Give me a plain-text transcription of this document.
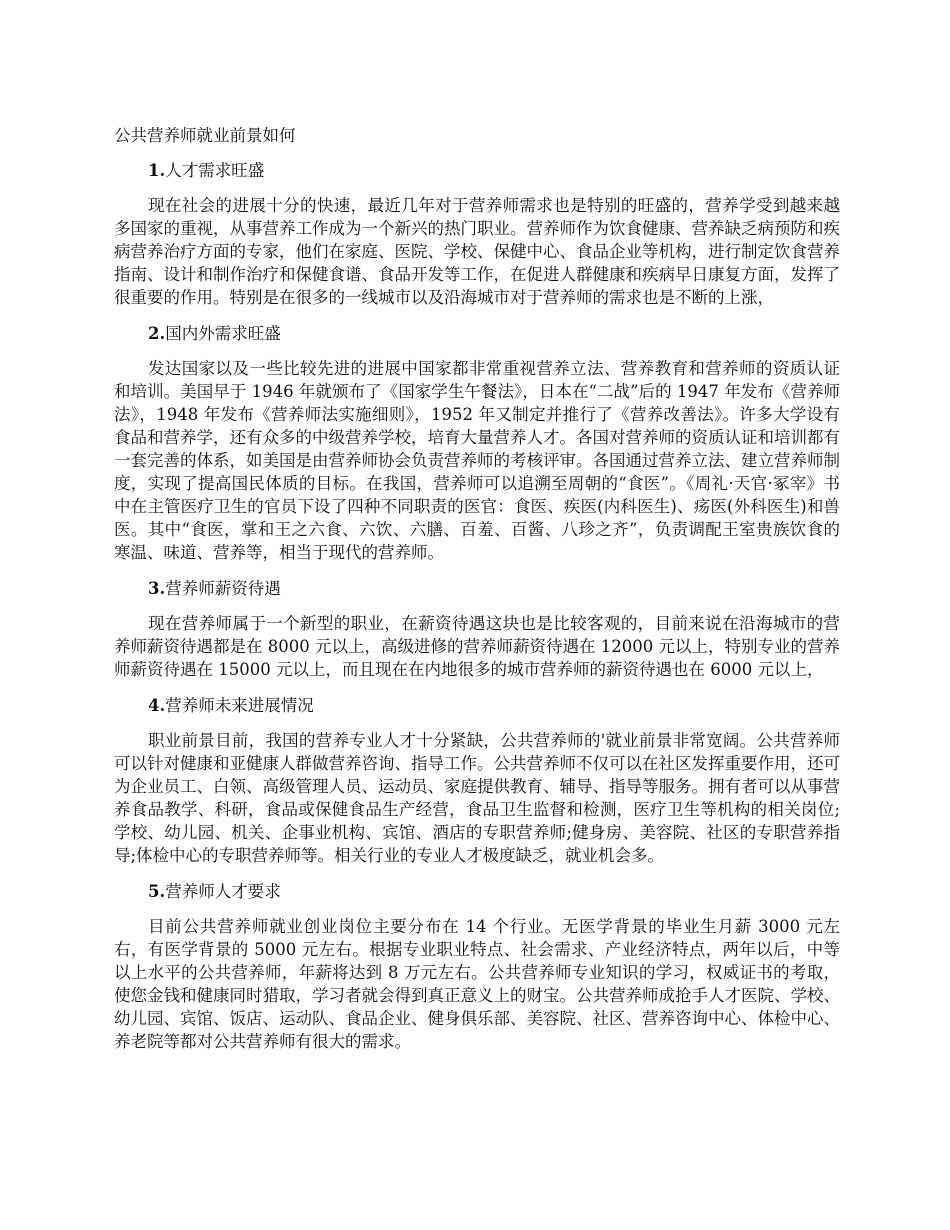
公共营养师就业前景如何

1.人才需求旺盛

现在社会的进展十分的快速，最近几年对于营养师需求也是特别的旺盛的，营养学受到越来越多国家的重视，从事营养工作成为一个新兴的热门职业。营养师作为饮食健康、营养缺乏病预防和疾病营养治疗方面的专家，他们在家庭、医院、学校、保健中心、食品企业等机构，进行制定饮食营养指南、设计和制作治疗和保健食谱、食品开发等工作，在促进人群健康和疾病早日康复方面，发挥了很重要的作用。特别是在很多的一线城市以及沿海城市对于营养师的需求也是不断的上涨，

2.国内外需求旺盛

发达国家以及一些比较先进的进展中国家都非常重视营养立法、营养教育和营养师的资质认证和培训。美国早于 1946 年就颁布了《国家学生午餐法》，日本在“二战”后的 1947 年发布《营养师法》，1948 年发布《营养师法实施细则》，1952 年又制定并推行了《营养改善法》。许多大学设有食品和营养学，还有众多的中级营养学校，培育大量营养人才。各国对营养师的资质认证和培训都有一套完善的体系，如美国是由营养师协会负责营养师的考核评审。各国通过营养立法、建立营养师制度，实现了提高国民体质的目标。在我国，营养师可以追溯至周朝的“食医”。《周礼·天官·冢宰》书中在主管医疗卫生的官员下设了四种不同职责的医官：食医、疾医(内科医生)、疡医(外科医生)和兽医。其中“食医，掌和王之六食、六饮、六膳、百羞、百酱、八珍之齐”，负责调配王室贵族饮食的寒温、味道、营养等，相当于现代的营养师。

3.营养师薪资待遇

现在营养师属于一个新型的职业，在薪资待遇这块也是比较客观的，目前来说在沿海城市的营养师薪资待遇都是在 8000 元以上，高级进修的营养师薪资待遇在 12000 元以上，特别专业的营养师薪资待遇在 15000 元以上，而且现在在内地很多的城市营养师的薪资待遇也在 6000 元以上，

4.营养师未来进展情况

职业前景目前，我国的营养专业人才十分紧缺，公共营养师的'就业前景非常宽阔。公共营养师可以针对健康和亚健康人群做营养咨询、指导工作。公共营养师不仅可以在社区发挥重要作用，还可为企业员工、白领、高级管理人员、运动员、家庭提供教育、辅导、指导等服务。拥有者可以从事营养食品教学、科研，食品或保健食品生产经营，食品卫生监督和检测，医疗卫生等机构的相关岗位;学校、幼儿园、机关、企事业机构、宾馆、酒店的专职营养师;健身房、美容院、社区的专职营养指导;体检中心的专职营养师等。相关行业的专业人才极度缺乏，就业机会多。

5.营养师人才要求

目前公共营养师就业创业岗位主要分布在 14 个行业。无医学背景的毕业生月薪 3000 元左右，有医学背景的 5000 元左右。根据专业职业特点、社会需求、产业经济特点，两年以后，中等以上水平的公共营养师，年薪将达到 8 万元左右。公共营养师专业知识的学习，权威证书的考取，使您金钱和健康同时猎取，学习者就会得到真正意义上的财宝。公共营养师成抢手人才医院、学校、幼儿园、宾馆、饭店、运动队、食品企业、健身俱乐部、美容院、社区、营养咨询中心、体检中心、养老院等都对公共营养师有很大的需求。
